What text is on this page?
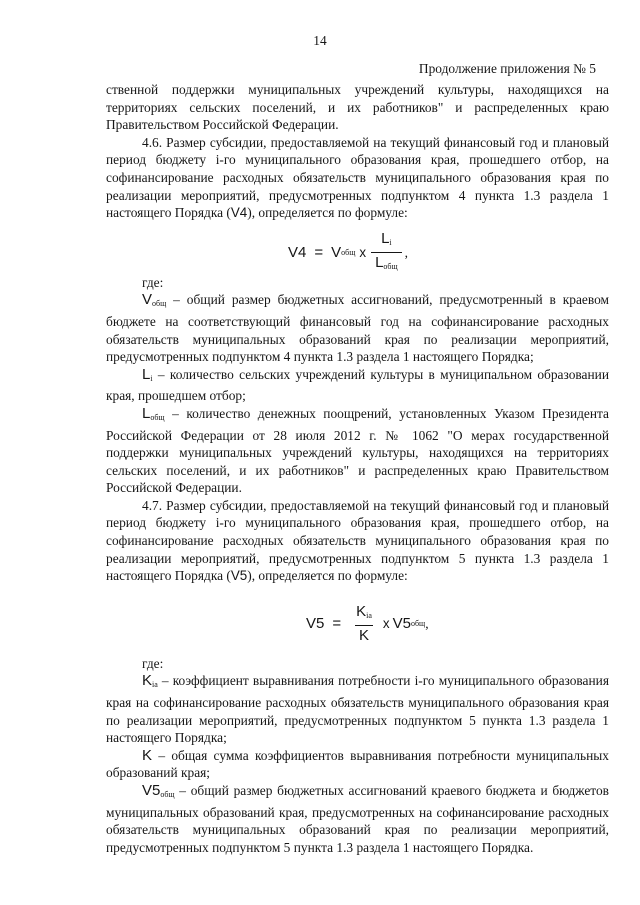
14
Продолжение приложения № 5

ственной поддержки муниципальных учреждений культуры, находящихся на территориях сельских поселений, и их работников" и распределенных краю Правительством Российской Федерации.

4.6. Размер субсидии, предоставляемой на текущий финансовый год и плановый период бюджету i-го муниципального образования края, прошедшего отбор, на софинансирование расходных обязательств муниципального образования края по реализации мероприятий, предусмотренных подпунктом 4 пункта 1.3 раздела 1 настоящего Порядка (V4), определяется по формуле:

V4 = V общ x $\frac{L_i}{L_{общ}}$ ,

где:

$V_{общ}$ – общий размер бюджетных ассигнований, предусмотренный в краевом бюджете на соответствующий финансовый год на софинансирование расходных обязательств муниципальных образований края по реализации мероприятий, предусмотренных подпунктом 4 пункта 1.3 раздела 1 настоящего Порядка;

$L_i$ – количество сельских учреждений культуры в муниципальном образовании края, прошедшем отбор;

$L_{общ}$ – количество денежных поощрений, установленных Указом Президента Российской Федерации от 28 июля 2012 г. № 1062 "О мерах государственной поддержки муниципальных учреждений культуры, находящихся на территориях сельских поселений, и их работников" и распределенных краю Правительством Российской Федерации.

4.7. Размер субсидии, предоставляемой на текущий финансовый год и плановый период бюджету i-го муниципального образования края, прошедшего отбор, на софинансирование расходных обязательств муниципального образования края по реализации мероприятий, предусмотренных подпунктом 5 пункта 1.3 раздела 1 настоящего Порядка (V5), определяется по формуле:

$V5 = \frac{K_{ia}}{K}$ x V5 общ ,

где:

$K_{ia}$ – коэффициент выравнивания потребности i-го муниципального образования края на софинансирование расходных обязательств муниципального образования края по реализации мероприятий, предусмотренных подпунктом 5 пункта 1.3 раздела 1 настоящего Порядка;

K – общая сумма коэффициентов выравнивания потребности муниципальных образований края;

$V5_{общ}$ – общий размер бюджетных ассигнований краевого бюджета и бюджетов муниципальных образований края, предусмотренных на софинансирование расходных обязательств муниципальных образований края по реализации мероприятий, предусмотренных подпунктом 5 пункта 1.3 раздела 1 настоящего Порядка.
